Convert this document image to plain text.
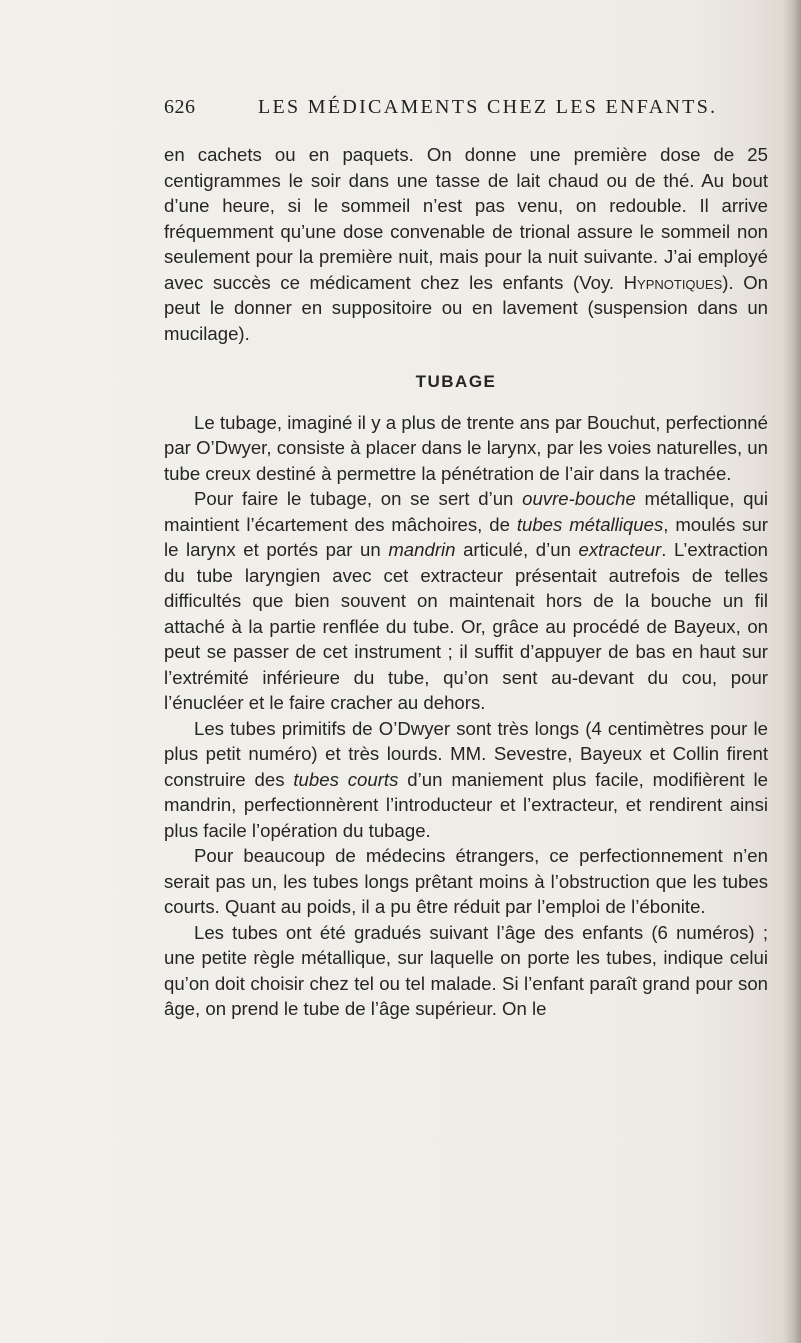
626	LES MÉDICAMENTS CHEZ LES ENFANTS.

en cachets ou en paquets. On donne une première dose de 25 centigrammes le soir dans une tasse de lait chaud ou de thé. Au bout d’une heure, si le sommeil n’est pas venu, on redouble. Il arrive fréquemment qu’une dose convenable de trional assure le sommeil non seulement pour la première nuit, mais pour la nuit suivante. J’ai employé avec succès ce médicament chez les enfants (Voy. Hypnotiques). On peut le donner en suppositoire ou en lavement (suspension dans un mucilage).

TUBAGE

Le tubage, imaginé il y a plus de trente ans par Bouchut, perfectionné par O’Dwyer, consiste à placer dans le larynx, par les voies naturelles, un tube creux destiné à permettre la pénétration de l’air dans la trachée.

Pour faire le tubage, on se sert d’un ouvre-bouche métallique, qui maintient l’écartement des mâchoires, de tubes métalliques, moulés sur le larynx et portés par un mandrin articulé, d’un extracteur. L’extraction du tube laryngien avec cet extracteur présentait autrefois de telles difficultés que bien souvent on maintenait hors de la bouche un fil attaché à la partie renflée du tube. Or, grâce au procédé de Bayeux, on peut se passer de cet instrument ; il suffit d’appuyer de bas en haut sur l’extrémité inférieure du tube, qu’on sent au-devant du cou, pour l’énucléer et le faire cracher au dehors.

Les tubes primitifs de O’Dwyer sont très longs (4 centimètres pour le plus petit numéro) et très lourds. MM. Sevestre, Bayeux et Collin firent construire des tubes courts d’un maniement plus facile, modifièrent le mandrin, perfectionnèrent l’introducteur et l’extracteur, et rendirent ainsi plus facile l’opération du tubage.

Pour beaucoup de médecins étrangers, ce perfectionnement n’en serait pas un, les tubes longs prêtant moins à l’obstruction que les tubes courts. Quant au poids, il a pu être réduit par l’emploi de l’ébonite.

Les tubes ont été gradués suivant l’âge des enfants (6 numéros) ; une petite règle métallique, sur laquelle on porte les tubes, indique celui qu’on doit choisir chez tel ou tel malade. Si l’enfant paraît grand pour son âge, on prend le tube de l’âge supérieur. On le
